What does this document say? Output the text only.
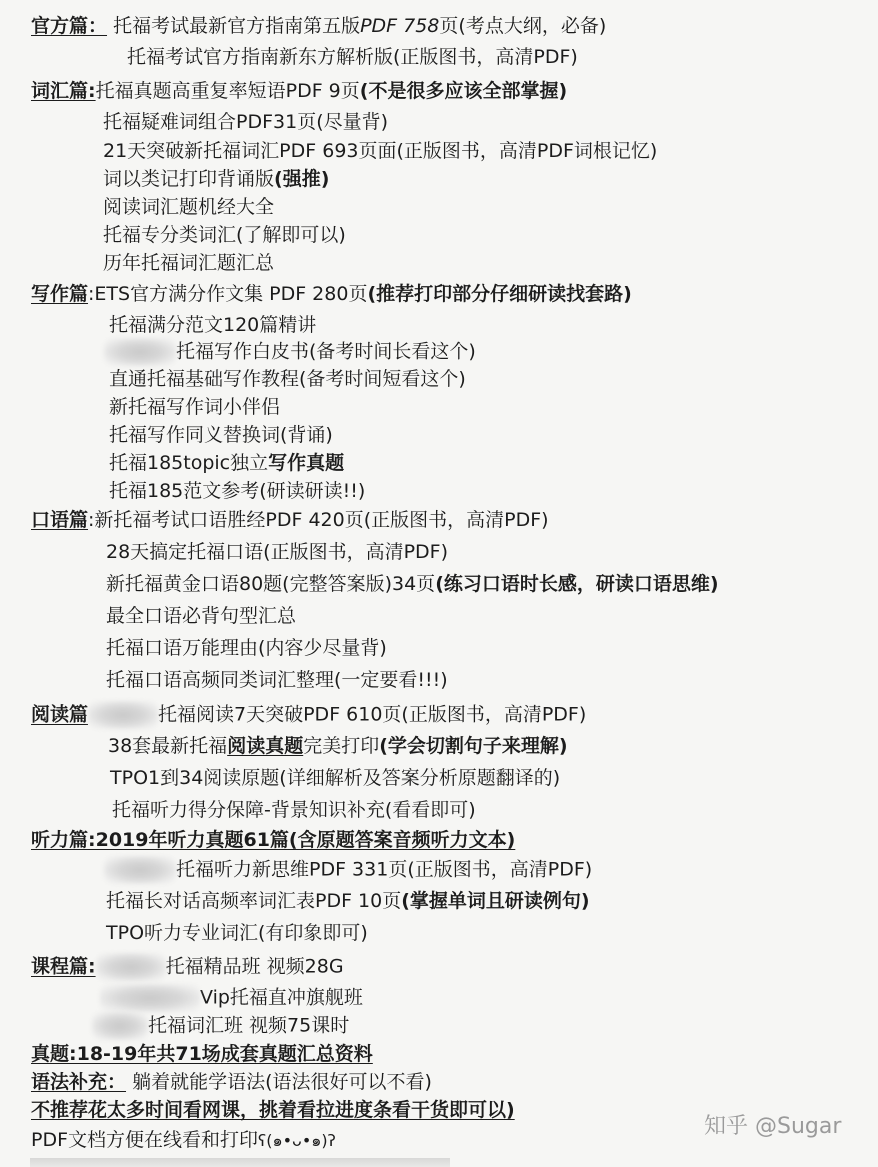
官方篇： 托福考试最新官方指南第五版PDF 758页(考点大纲，必备)
托福考试官方指南新东方解析版(正版图书，高清PDF)
词汇篇:托福真题高重复率短语PDF 9页(不是很多应该全部掌握)
托福疑难词组合PDF31页(尽量背)
21天突破新托福词汇PDF 693页面(正版图书，高清PDF词根记忆)
词以类记打印背诵版(强推)
阅读词汇题机经大全
托福专分类词汇(了解即可以)
历年托福词汇题汇总
写作篇:ETS官方满分作文集 PDF 280页(推荐打印部分仔细研读找套路)
托福满分范文120篇精讲
托福写作白皮书(备考时间长看这个)
直通托福基础写作教程(备考时间短看这个)
新托福写作词小伴侣
托福写作同义替换词(背诵)
托福185topic独立写作真题
托福185范文参考(研读研读!!)
口语篇:新托福考试口语胜经PDF 420页(正版图书，高清PDF)
28天搞定托福口语(正版图书，高清PDF)
新托福黄金口语80题(完整答案版)34页(练习口语时长感，研读口语思维)
最全口语必背句型汇总
托福口语万能理由(内容少尽量背)
托福口语高频同类词汇整理(一定要看!!!)
阅读篇	托福阅读7天突破PDF 610页(正版图书，高清PDF)
38套最新托福阅读真题完美打印(学会切割句子来理解)
TPO1到34阅读原题(详细解析及答案分析原题翻译的)
托福听力得分保障-背景知识补充(看看即可)
听力篇:2019年听力真题61篇(含原题答案音频听力文本)
托福听力新思维PDF 331页(正版图书，高清PDF)
托福长对话高频率词汇表PDF 10页(掌握单词且研读例句)
TPO听力专业词汇(有印象即可)
课程篇:	托福精品班 视频28G
Vip托福直冲旗舰班
托福词汇班 视频75课时
真题:18-19年共71场成套真题汇总资料
语法补充： 躺着就能学语法(语法很好可以不看)
不推荐花太多时间看网课，挑着看拉进度条看干货即可以)
PDF文档方便在线看和打印ʕ(๑•ᴗ•๑)ʔ
知乎 @Sugar
